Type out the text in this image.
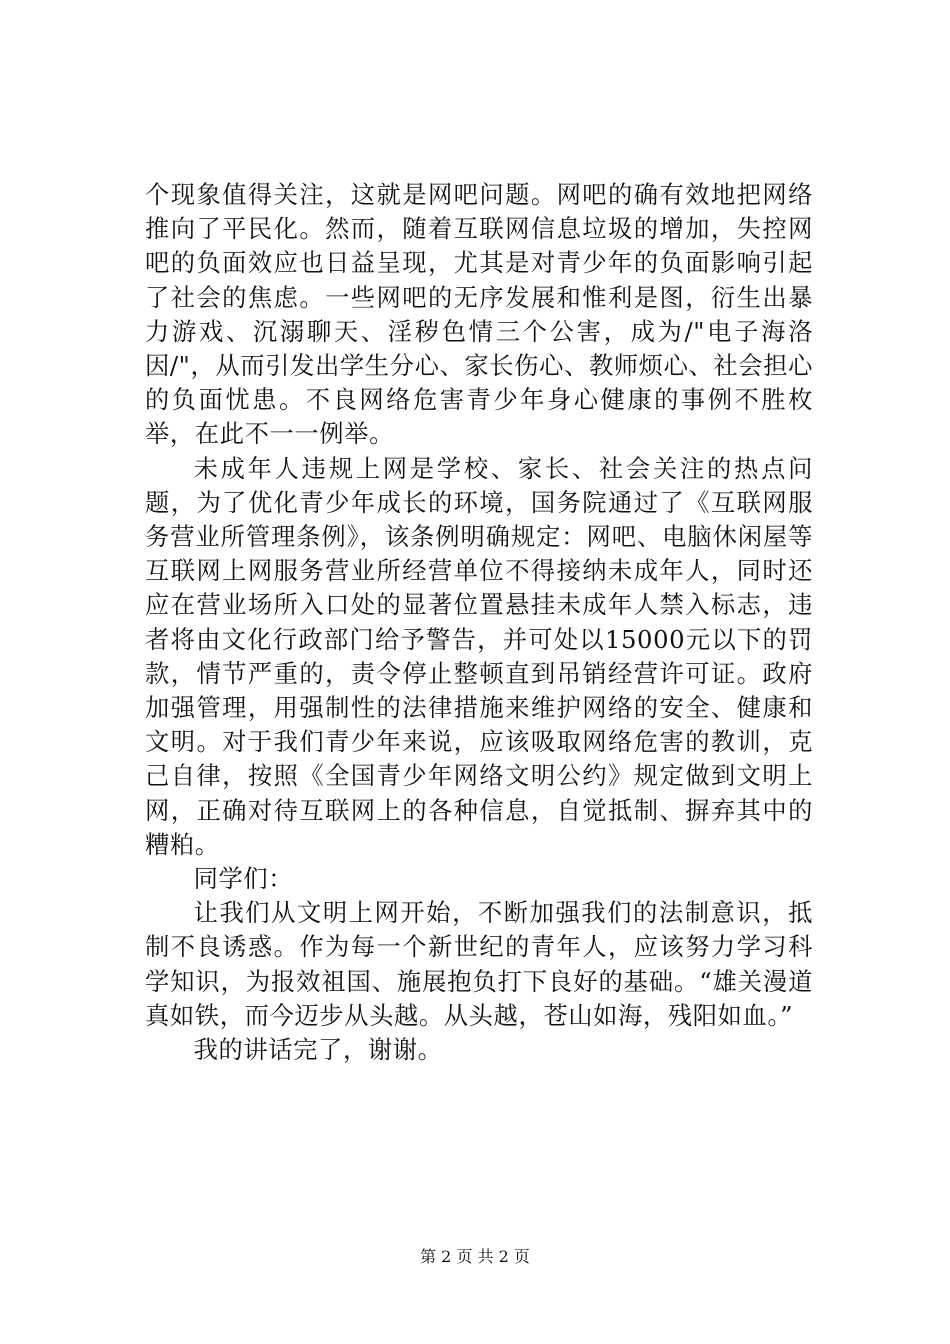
个现象值得关注，这就是网吧问题。网吧的确有效地把网络推向了平民化。然而，随着互联网信息垃圾的增加，失控网吧的负面效应也日益呈现，尤其是对青少年的负面影响引起了社会的焦虑。一些网吧的无序发展和惟利是图，衍生出暴力游戏、沉溺聊天、淫秽色情三个公害，成为/"电子海洛因/"，从而引发出学生分心、家长伤心、教师烦心、社会担心的负面忧患。不良网络危害青少年身心健康的事例不胜枚举，在此不一一例举。

未成年人违规上网是学校、家长、社会关注的热点问题，为了优化青少年成长的环境，国务院通过了《互联网服务营业所管理条例》，该条例明确规定：网吧、电脑休闲屋等互联网上网服务营业所经营单位不得接纳未成年人，同时还应在营业场所入口处的显著位置悬挂未成年人禁入标志，违者将由文化行政部门给予警告，并可处以15000元以下的罚款，情节严重的，责令停止整顿直到吊销经营许可证。政府加强管理，用强制性的法律措施来维护网络的安全、健康和文明。对于我们青少年来说，应该吸取网络危害的教训，克己自律，按照《全国青少年网络文明公约》规定做到文明上网，正确对待互联网上的各种信息，自觉抵制、摒弃其中的糟粕。

同学们：

让我们从文明上网开始，不断加强我们的法制意识，抵制不良诱惑。作为每一个新世纪的青年人，应该努力学习科学知识，为报效祖国、施展抱负打下良好的基础。“雄关漫道真如铁，而今迈步从头越。从头越，苍山如海，残阳如血。”

我的讲话完了，谢谢。

第 2 页 共 2 页
